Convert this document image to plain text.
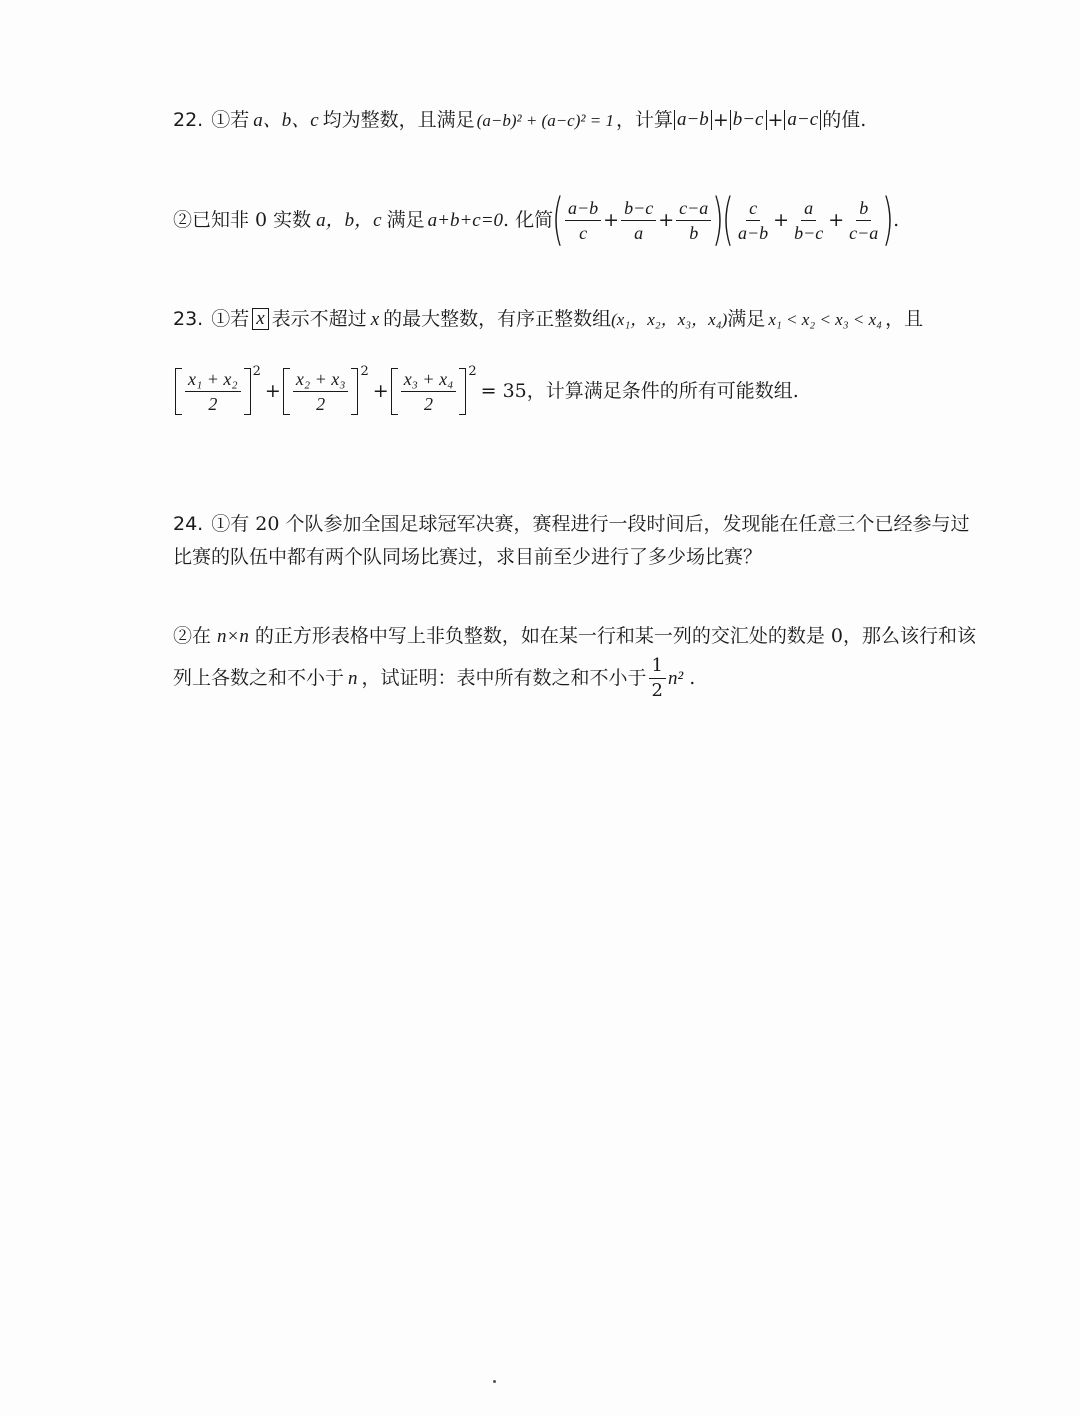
22. ①若 a、b、c 均为整数，且满足 (a−b)² + (a−c)² = 1 ，计算 a−b + b−c + a−c 的值.
②已知非 0 实数 a，b，c 满足 a+b+c=0 . 化简
( $\frac{a-b}{c} + \frac{b-c}{a} + \frac{c-a}{b}$ )
( $\frac{c}{a-b} + \frac{a}{b-c} + \frac{b}{c-a}$ )
.
23. ①若 x 表示不超过 x 的最大整数，有序正整数组 (x₁，x₂，x₃，x₄) 满足 x₁ < x₂ < x₃ < x₄ ，且
$\frac{\text{x₁ + x₂}}{2} 2$
+ $\frac{\text{x₂ + x₃}}{2} 2$
+ $\frac{\text{x₃ + x₄}}{2} 2$
= 35 ，计算满足条件的所有可能数组.
24. ①有 20 个队参加全国足球冠军决赛，赛程进行一段时间后，发现能在任意三个已经参与过
比赛的队伍中都有两个队同场比赛过，求目前至少进行了多少场比赛？
②在 n×n 的正方形表格中写上非负整数，如在某一行和某一列的交汇处的数是 0，那么该行和该
列上各数之和不小于 n ，试证明：表中所有数之和不小于 $\frac{1}{2} n^2$ .
